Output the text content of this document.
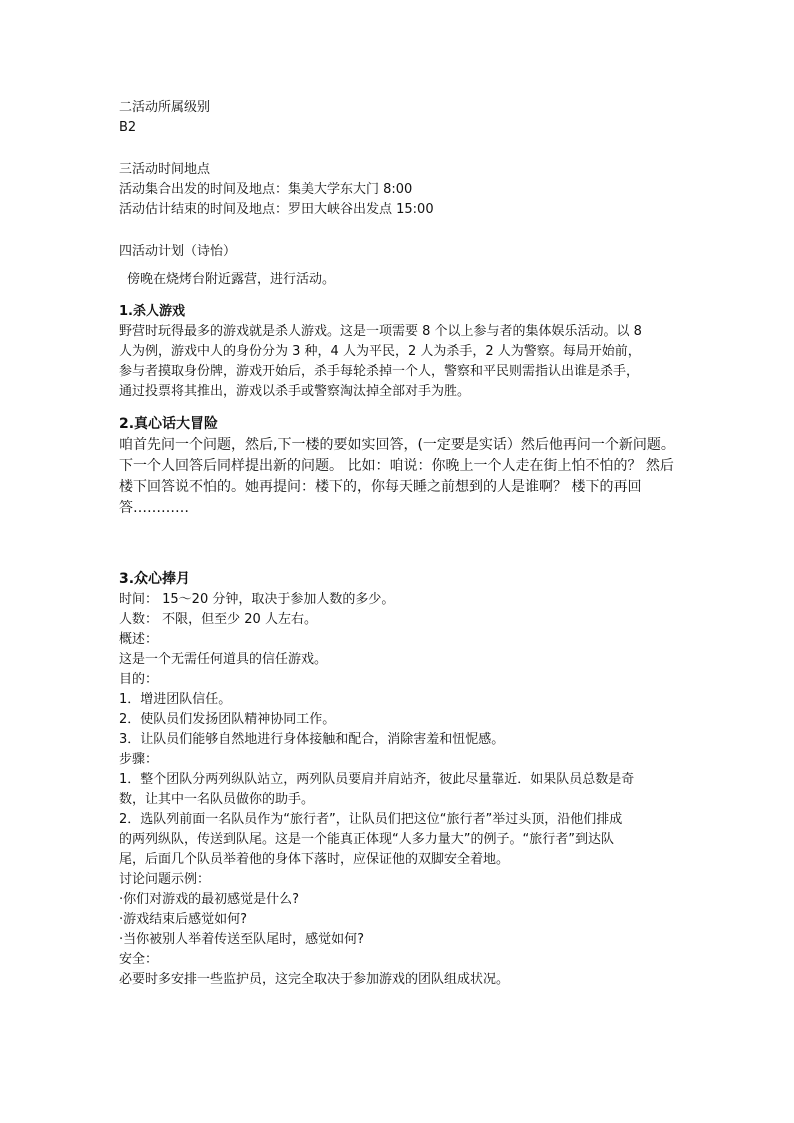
二活动所属级别
B2
三活动时间地点
活动集合出发的时间及地点：集美大学东大门 8:00
活动估计结束的时间及地点：罗田大峡谷出发点 15:00
四活动计划（诗怡）
傍晚在烧烤台附近露营，进行活动。
1.杀人游戏
野营时玩得最多的游戏就是杀人游戏。这是一项需要 8 个以上参与者的集体娱乐活动。以 8
人为例，游戏中人的身份分为 3 种，4 人为平民，2 人为杀手，2 人为警察。每局开始前，
参与者摸取身份牌，游戏开始后，杀手每轮杀掉一个人，警察和平民则需指认出谁是杀手，
通过投票将其推出，游戏以杀手或警察淘汰掉全部对手为胜。
2.真心话大冒险
咱首先问一个问题，然后,下一楼的要如实回答，(一定要是实话）然后他再问一个新问题。
下一个人回答后同样提出新的问题。 比如：咱说：你晚上一个人走在街上怕不怕的？ 然后
楼下回答说不怕的。她再提问：楼下的，你每天睡之前想到的人是谁啊？ 楼下的再回
答…………
3.众心捧月
时间： 15～20 分钟，取决于参加人数的多少。
人数： 不限，但至少 20 人左右。
概述：
这是一个无需任何道具的信任游戏。
目的：
1．增进团队信任。
2．使队员们发扬团队精神协同工作。
3．让队员们能够自然地进行身体接触和配合，消除害羞和忸怩感。
步骤：
1．整个团队分两列纵队站立，两列队员要肩并肩站齐，彼此尽量靠近．如果队员总数是奇
数，让其中一名队员做你的助手。
2．选队列前面一名队员作为“旅行者”，让队员们把这位“旅行者”举过头顶，沿他们排成
的两列纵队，传送到队尾。这是一个能真正体现“人多力量大”的例子。“旅行者”到达队
尾，后面几个队员举着他的身体下落时，应保证他的双脚安全着地。
讨论问题示例：
·你们对游戏的最初感觉是什么?
·游戏结束后感觉如何?
·当你被别人举着传送至队尾时，感觉如何?
安全：
必要时多安排一些监护员，这完全取决于参加游戏的团队组成状况。
